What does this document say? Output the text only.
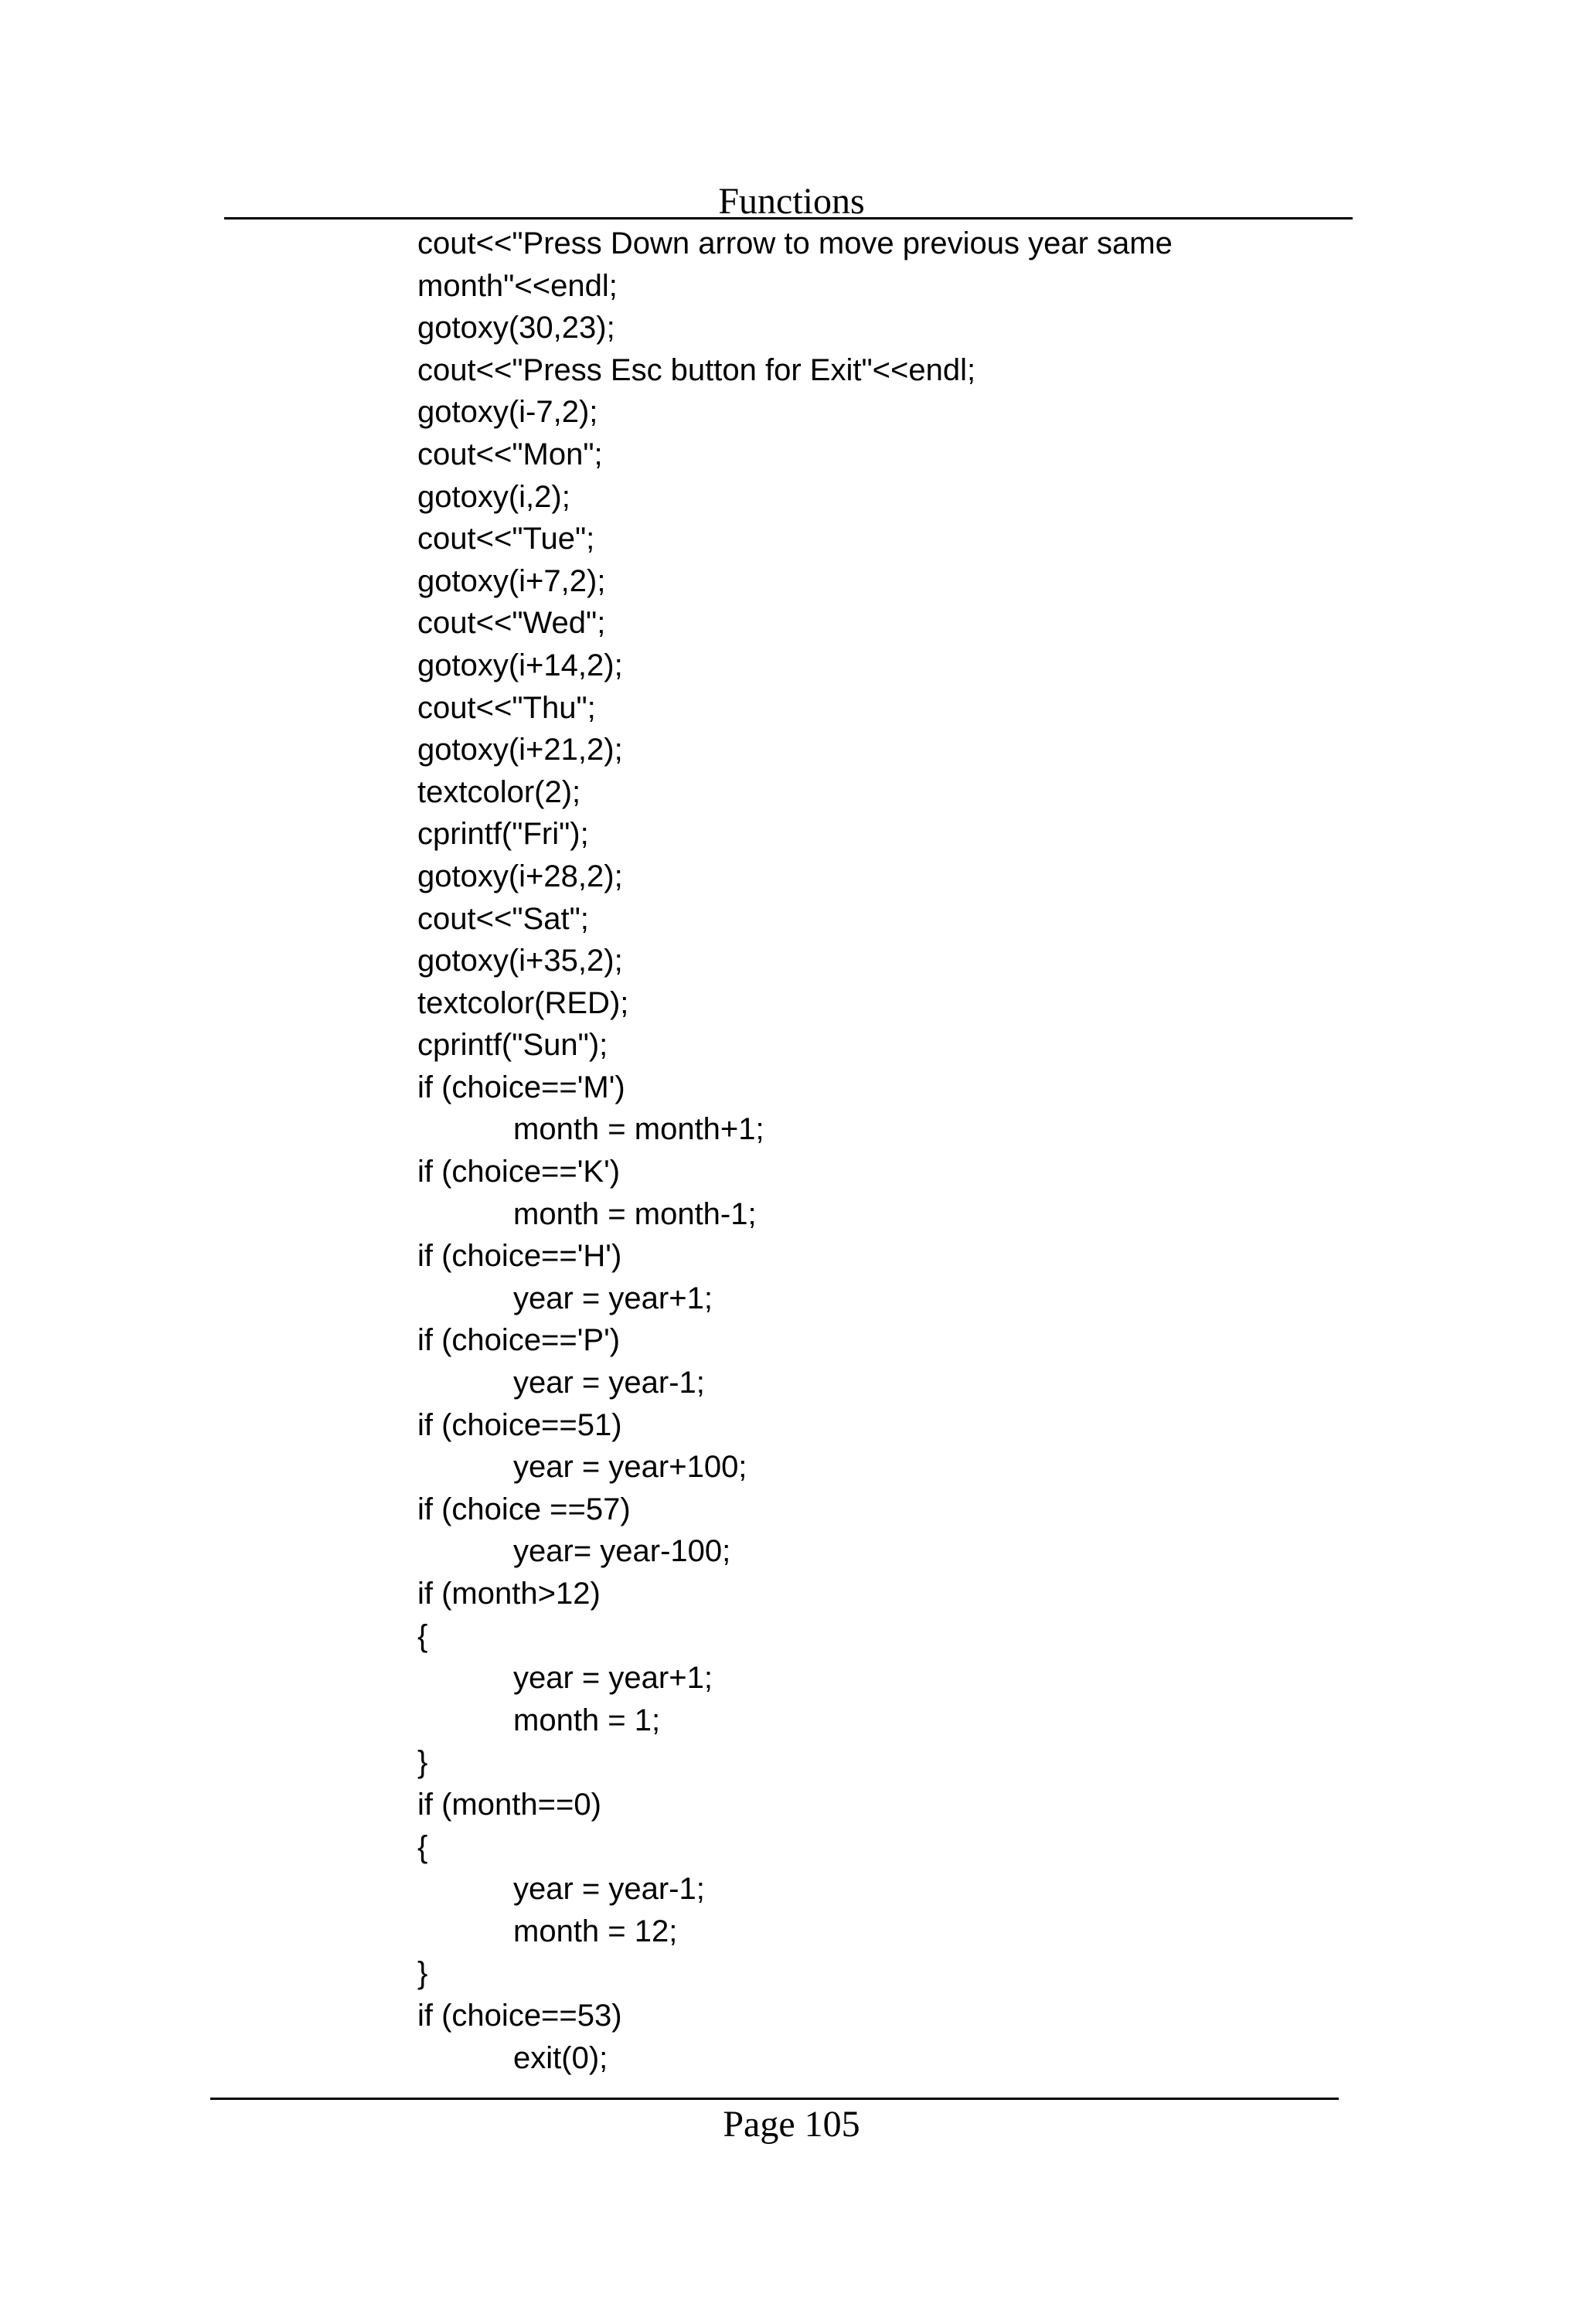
Functions
cout<<"Press Down arrow to move previous year same
month"<<endl;
gotoxy(30,23);
cout<<"Press Esc button for Exit"<<endl;
gotoxy(i-7,2);
cout<<"Mon";
gotoxy(i,2);
cout<<"Tue";
gotoxy(i+7,2);
cout<<"Wed";
gotoxy(i+14,2);
cout<<"Thu";
gotoxy(i+21,2);
textcolor(2);
cprintf("Fri");
gotoxy(i+28,2);
cout<<"Sat";
gotoxy(i+35,2);
textcolor(RED);
cprintf("Sun");
if (choice=='M')
month = month+1;
if (choice=='K')
month = month-1;
if (choice=='H')
year = year+1;
if (choice=='P')
year = year-1;
if (choice==51)
year = year+100;
if (choice ==57)
year= year-100;
if (month>12)
{
year = year+1;
month = 1;
}
if (month==0)
{
year = year-1;
month = 12;
}
if (choice==53)
exit(0);
Page 105
